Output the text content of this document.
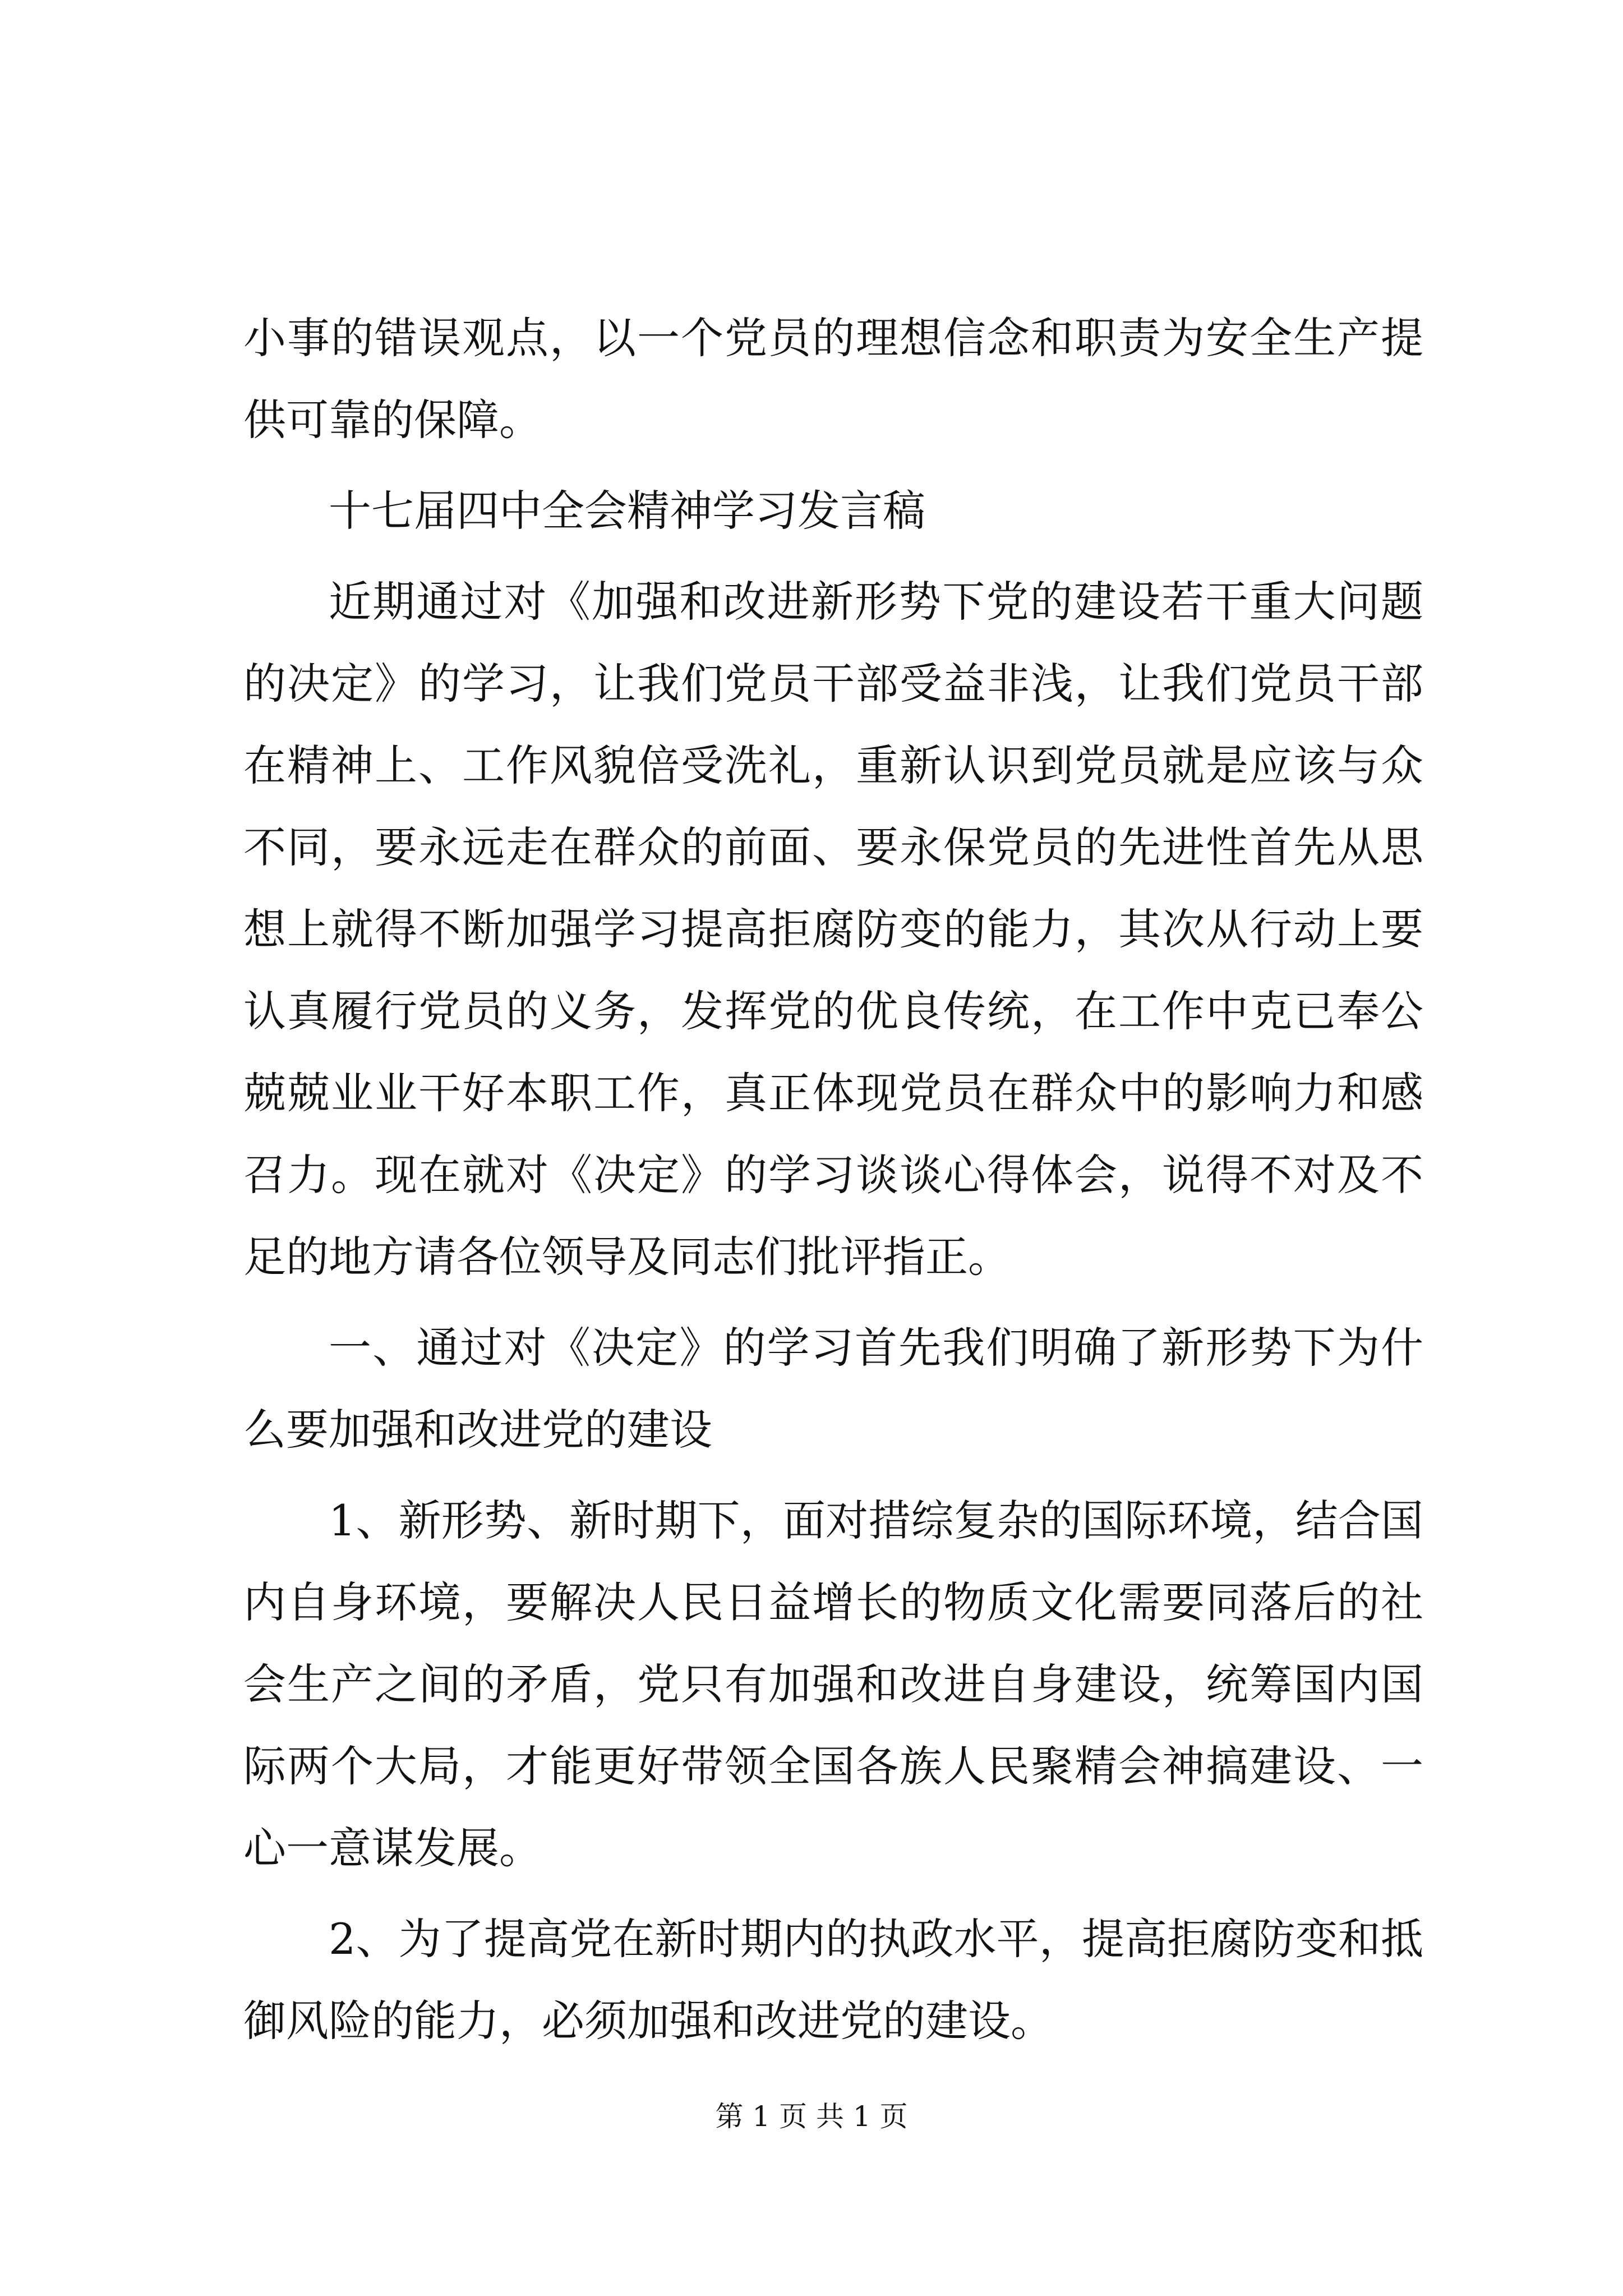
小事的错误观点，以一个党员的理想信念和职责为安全生产提供可靠的保障。

十七届四中全会精神学习发言稿

近期通过对《加强和改进新形势下党的建设若干重大问题的决定》的学习，让我们党员干部受益非浅，让我们党员干部在精神上、工作风貌倍受洗礼，重新认识到党员就是应该与众不同，要永远走在群众的前面、要永保党员的先进性首先从思想上就得不断加强学习提高拒腐防变的能力，其次从行动上要认真履行党员的义务，发挥党的优良传统，在工作中克已奉公兢兢业业干好本职工作，真正体现党员在群众中的影响力和感召力。现在就对《决定》的学习谈谈心得体会，说得不对及不足的地方请各位领导及同志们批评指正。

一、通过对《决定》的学习首先我们明确了新形势下为什么要加强和改进党的建设

1、新形势、新时期下，面对措综复杂的国际环境，结合国内自身环境，要解决人民日益增长的物质文化需要同落后的社会生产之间的矛盾，党只有加强和改进自身建设，统筹国内国际两个大局，才能更好带领全国各族人民聚精会神搞建设、一心一意谋发展。

2、为了提高党在新时期内的执政水平，提高拒腐防变和抵御风险的能力，必须加强和改进党的建设。

第 1 页 共 1 页
